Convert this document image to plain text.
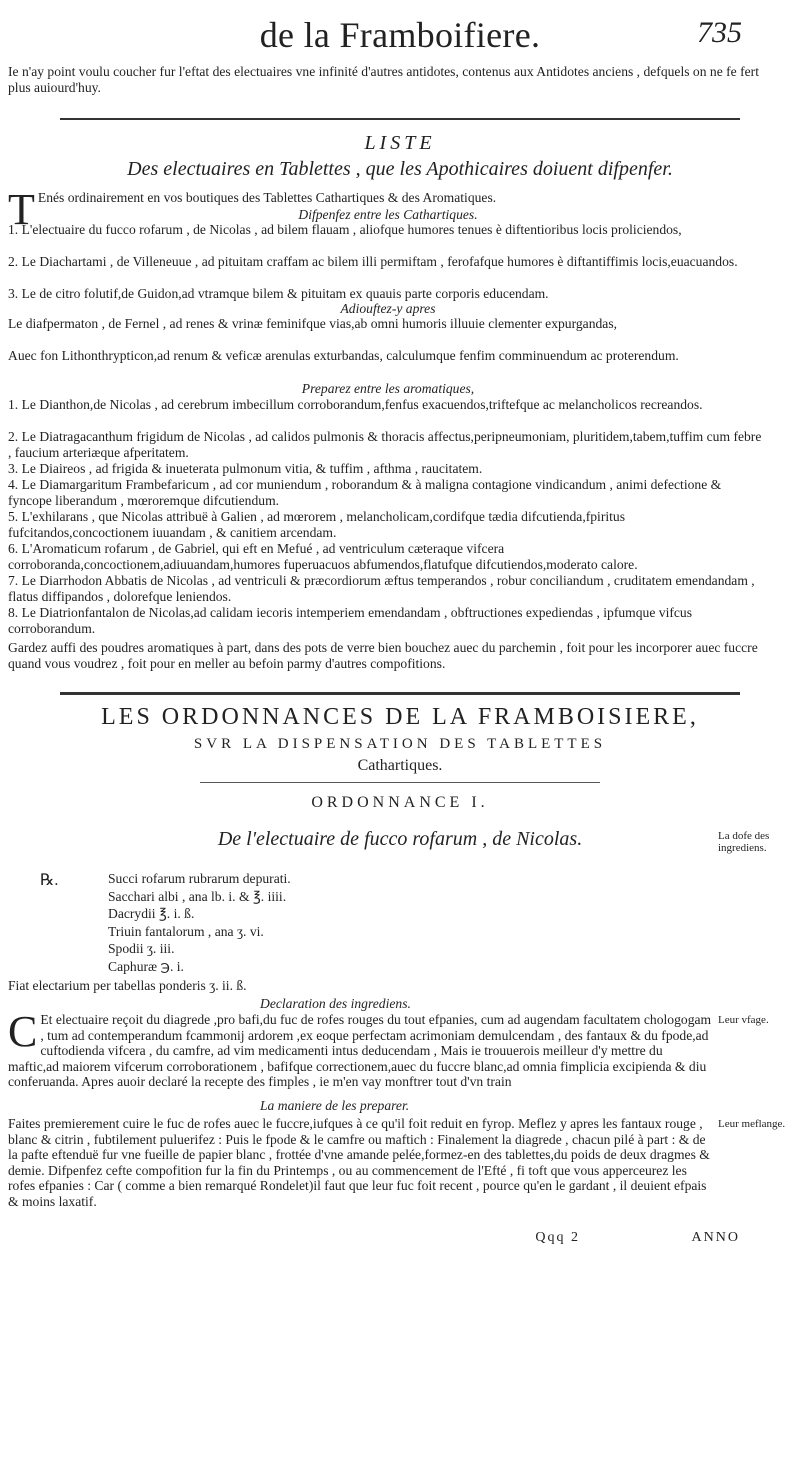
de la Framboifiere.	735
Ie n'ay point voulu coucher fur l'eftat des electuaires vne infinité d'autres antidotes, contenus aux Antidotes anciens , defquels on ne fe fert plus auiourd'huy.
LISTE
Des electuaires en Tablettes , que les Apothicaires doiuent difpenfer.
T Enés ordinairement en vos boutiques des Tablettes Cathartiques & des Aromatiques.
Difpenfez entre les Cathartiques.
1. L'electuaire du fucco rofarum , de Nicolas , ad bilem flauam , aliofque humores tenues è diftentioribus locis proliciendos,
2. Le Diachartami , de Villeneuue , ad pituitam craffam ac bilem illi permiftam , ferofafque humores è diftantiffimis locis,euacuandos.
3. Le de citro folutif,de Guidon,ad vtramque bilem & pituitam ex quauis parte corporis educendam.
Adiouftez-y apres
Le diafpermaton , de Fernel , ad renes & vrinæ feminifque vias,ab omni humoris illuuie clementer expurgandas,
Auec fon Lithonthrypticon,ad renum & veficæ arenulas exturbandas, calculumque fenfim comminuendum ac proterendum.
Preparez entre les aromatiques,
1. Le Dianthon,de Nicolas , ad cerebrum imbecillum corroborandum,fenfus exacuendos,triftefque ac melancholicos recreandos.
2. Le Diatragacanthum frigidum de Nicolas , ad calidos pulmonis & thoracis affectus,peripneumoniam, pluritidem,tabem,tuffim cum febre , faucium arteriæque afperitatem.
3. Le Diaireos , ad frigida & inueterata pulmonum vitia, & tuffim , afthma , raucitatem.
4. Le Diamargaritum Frambefaricum , ad cor muniendum , roborandum & à maligna contagione vindicandum , animi defectione & fyncope liberandum , mœroremque difcutiendum.
5. L'exhilarans , que Nicolas attribuë à Galien , ad mœrorem , melancholicam,cordifque tædia difcutienda,fpiritus fufcitandos,concoctionem iuuandam , & canitiem arcendam.
6. L'Aromaticum rofarum , de Gabriel, qui eft en Mefué , ad ventriculum cæteraque vifcera corroboranda,concoctionem,adiuuandam,humores fuperuacuos abfumendos,flatufque difcutiendos,moderato calore.
7. Le Diarrhodon Abbatis de Nicolas , ad ventriculi & præcordiorum æftus temperandos , robur conciliandum , cruditatem emendandam , flatus diffipandos , dolorefque leniendos.
8. Le Diatrionfantalon de Nicolas,ad calidam iecoris intemperiem emendandam , obftructiones expediendas , ipfumque vifcus corroborandum.
Gardez auffi des poudres aromatiques à part, dans des pots de verre bien bouchez auec du parchemin , foit pour les incorporer auec fuccre quand vous voudrez , foit pour en meller au befoin parmy d'autres compofitions.
LES ORDONNANCES DE LA FRAMBOISIERE,
SVR LA DISPENSATION DES TABLETTES
Cathartiques.
ORDONNANCE I.
De l'electuaire de fucco rofarum , de Nicolas.	La dofe des ingrediens.
℞.	Succi rofarum rubrarum depurati.
Sacchari albi , ana lb. i. & ℥. iiii.
Dacrydii ℥. i. ß.
Triuin fantalorum , ana ʒ. vi.
Spodii ʒ. iii.
Caphuræ ℈. i.
Fiat electarium per tabellas ponderis ʒ. ii. ß.
Declaration des ingrediens.
Leur vfage.
C Et electuaire reçoit du diagrede ,pro bafi,du fuc de rofes rouges du tout efpanies, cum ad augendam facultatem chologogam , tum ad contemperandum fcammonij ardorem ,ex eoque perfectam acrimoniam demulcendam , des fantaux & du fpode,ad cuftodienda vifcera , du camfre, ad vim medicamenti intus deducendam , Mais ie trouuerois meilleur d'y mettre du maftic,ad maiorem vifcerum corroborationem , bafifque correctionem,auec du fuccre blanc,ad omnia fimplicia excipienda & diu conferuanda. Apres auoir declaré la recepte des fimples , ie m'en vay monftrer tout d'vn train
La maniere de les preparer.
Leur meflange.
Faites premierement cuire le fuc de rofes auec le fuccre,iufques à ce qu'il foit reduit en fyrop. Meflez y apres les fantaux rouge , blanc & citrin , fubtilement puluerifez : Puis le fpode & le camfre ou maftich : Finalement la diagrede , chacun pilé à part : & de la pafte eftenduë fur vne fueille de papier blanc , frottée d'vne amande pelée,formez-en des tablettes,du poids de deux dragmes & demie. Difpenfez cefte compofition fur la fin du Printemps , ou au commencement de l'Efté , fi toft que vous apperceurez les rofes efpanies : Car ( comme a bien remarqué Rondelet)il faut que leur fuc foit recent , pource qu'en le gardant , il deuient efpais & moins laxatif.
Qqq 2	ANNO
